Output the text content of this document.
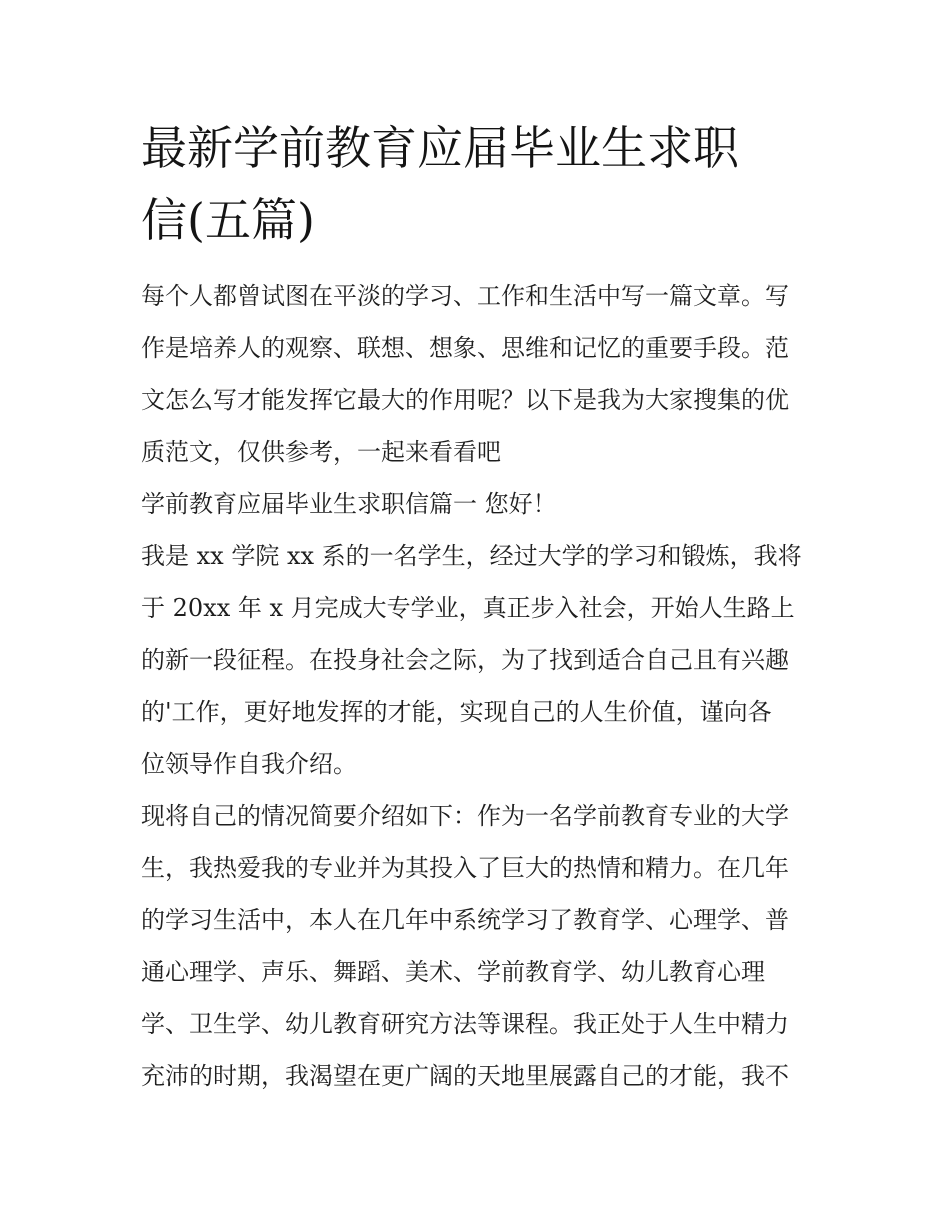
最新学前教育应届毕业生求职
信(五篇)
每个人都曾试图在平淡的学习、工作和生活中写一篇文章。写
作是培养人的观察、联想、想象、思维和记忆的重要手段。范
文怎么写才能发挥它最大的作用呢？以下是我为大家搜集的优
质范文，仅供参考，一起来看看吧
学前教育应届毕业生求职信篇一 您好！
我是 xx 学院 xx 系的一名学生，经过大学的学习和锻炼，我将
于 20xx 年 x 月完成大专学业，真正步入社会，开始人生路上
的新一段征程。在投身社会之际，为了找到适合自己且有兴趣
的'工作，更好地发挥的才能，实现自己的人生价值，谨向各
位领导作自我介绍。
现将自己的情况简要介绍如下：作为一名学前教育专业的大学
生，我热爱我的专业并为其投入了巨大的热情和精力。在几年
的学习生活中，本人在几年中系统学习了教育学、心理学、普
通心理学、声乐、舞蹈、美术、学前教育学、幼儿教育心理
学、卫生学、幼儿教育研究方法等课程。我正处于人生中精力
充沛的时期，我渴望在更广阔的天地里展露自己的才能，我不
